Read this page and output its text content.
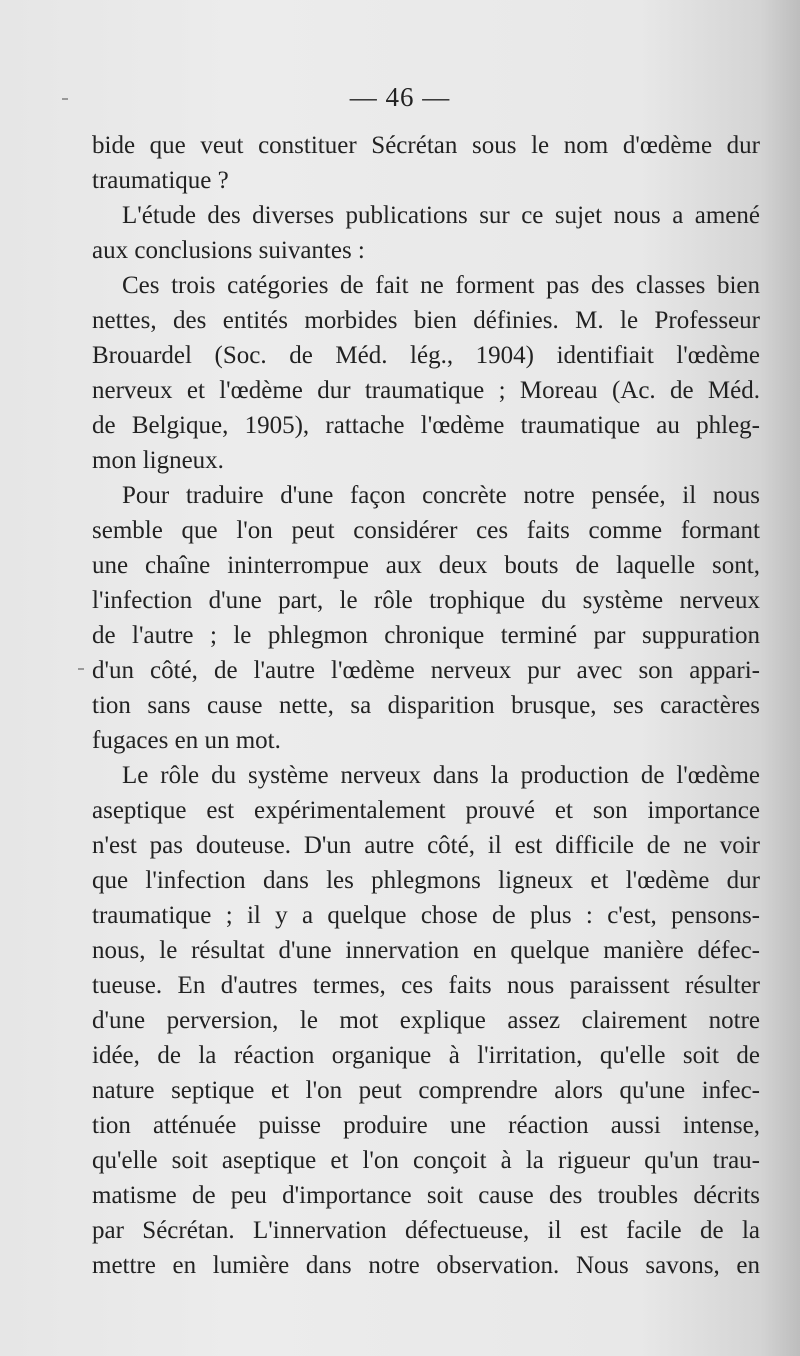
— 46 —
bide que veut constituer Sécrétan sous le nom d'œdème dur
traumatique ?
L'étude des diverses publications sur ce sujet nous a amené
aux conclusions suivantes :
Ces trois catégories de fait ne forment pas des classes bien
nettes, des entités morbides bien définies. M. le Professeur
Brouardel (Soc. de Méd. lég., 1904) identifiait l'œdème
nerveux et l'œdème dur traumatique ; Moreau (Ac. de Méd.
de Belgique, 1905), rattache l'œdème traumatique au phleg-
mon ligneux.
Pour traduire d'une façon concrète notre pensée, il nous
semble que l'on peut considérer ces faits comme formant
une chaîne ininterrompue aux deux bouts de laquelle sont,
l'infection d'une part, le rôle trophique du système nerveux
de l'autre ; le phlegmon chronique terminé par suppuration
d'un côté, de l'autre l'œdème nerveux pur avec son appari-
tion sans cause nette, sa disparition brusque, ses caractères
fugaces en un mot.
Le rôle du système nerveux dans la production de l'œdème
aseptique est expérimentalement prouvé et son importance
n'est pas douteuse. D'un autre côté, il est difficile de ne voir
que l'infection dans les phlegmons ligneux et l'œdème dur
traumatique ; il y a quelque chose de plus : c'est, pensons-
nous, le résultat d'une innervation en quelque manière défec-
tueuse. En d'autres termes, ces faits nous paraissent résulter
d'une perversion, le mot explique assez clairement notre
idée, de la réaction organique à l'irritation, qu'elle soit de
nature septique et l'on peut comprendre alors qu'une infec-
tion atténuée puisse produire une réaction aussi intense,
qu'elle soit aseptique et l'on conçoit à la rigueur qu'un trau-
matisme de peu d'importance soit cause des troubles décrits
par Sécrétan. L'innervation défectueuse, il est facile de la
mettre en lumière dans notre observation. Nous savons, en
